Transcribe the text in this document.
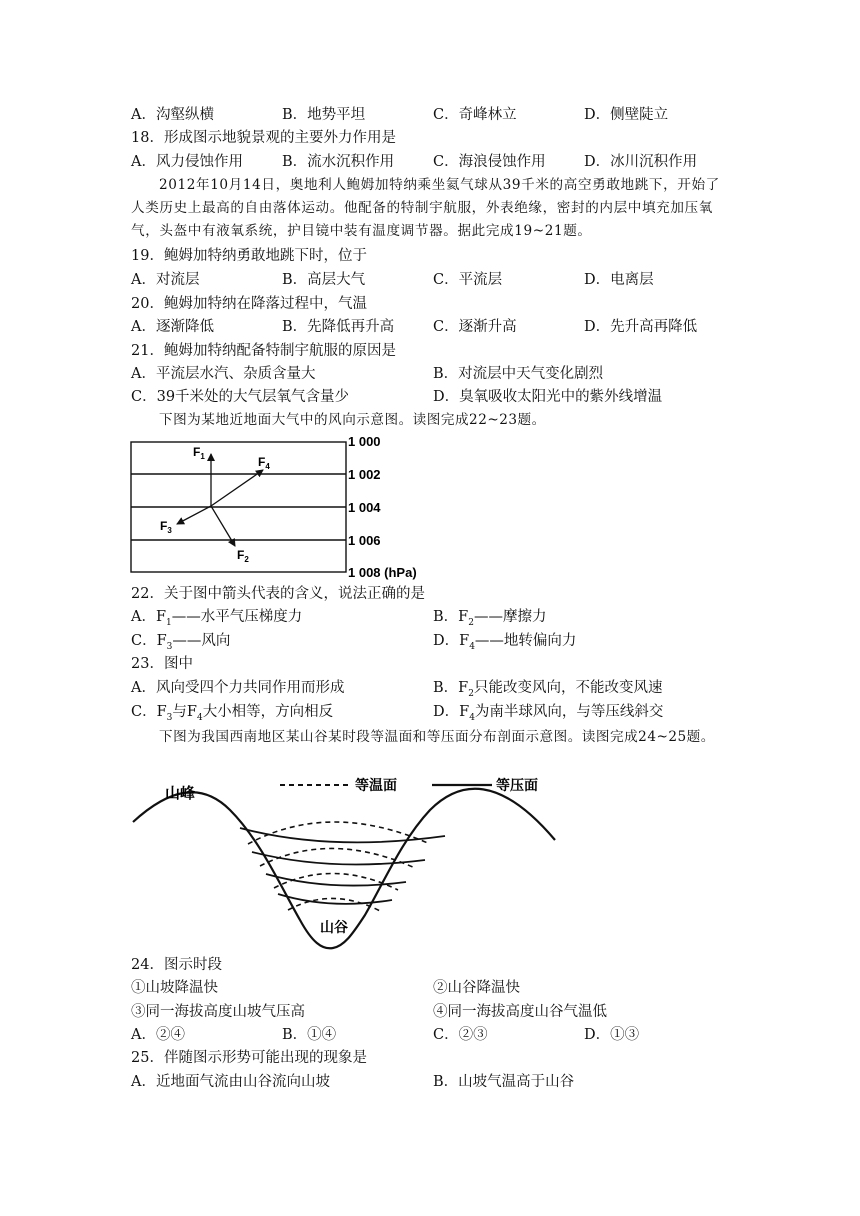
A．沟壑纵横	B．地势平坦	C．奇峰林立	D．侧壁陡立
18．形成图示地貌景观的主要外力作用是
A．风力侵蚀作用	B．流水沉积作用	C．海浪侵蚀作用	D．冰川沉积作用
2012年10月14日，奥地利人鲍姆加特纳乘坐氦气球从39千米的高空勇敢地跳下，开始了人类历史上最高的自由落体运动。他配备的特制宇航服，外表绝缘，密封的内层中填充加压氧气，头盔中有液氧系统，护目镜中装有温度调节器。据此完成19~21题。
19．鲍姆加特纳勇敢地跳下时，位于
A．对流层	B．高层大气	C．平流层	D．电离层
20．鲍姆加特纳在降落过程中，气温
A．逐渐降低	B．先降低再升高	C．逐渐升高	D．先升高再降低
21．鲍姆加特纳配备特制宇航服的原因是
A．平流层水汽、杂质含量大	B．对流层中天气变化剧烈
C．39千米处的大气层氧气含量少	D．臭氧吸收太阳光中的紫外线增温
下图为某地近地面大气中的风向示意图。读图完成22~23题。
$F_1$	$F_4$
$F_3$
$F_2$
1 000
1 002
1 004
1 006
1 008 (hPa)
22．关于图中箭头代表的含义，说法正确的是
A．$F_1——$水平气压梯度力	B．$F_2——$摩擦力
C．$F_3——$风向	D．$F_4——$地转偏向力
23．图中
A．风向受四个力共同作用而形成	B．$F_2$只能改变风向，不能改变风速
C．$F_3$与$F_4$大小相等，方向相反	D．$F_4$为南半球风向，与等压线斜交
下图为我国西南地区某山谷某时段等温面和等压面分布剖面示意图。读图完成24~25题。
等温面	等压面
山峰
山谷
24．图示时段
①山坡降温快	②山谷降温快
③同一海拔高度山坡气压高	④同一海拔高度山谷气温低
A．②④	B．①④	C．②③	D．①③
25．伴随图示形势可能出现的现象是
A．近地面气流由山谷流向山坡	B．山坡气温高于山谷
